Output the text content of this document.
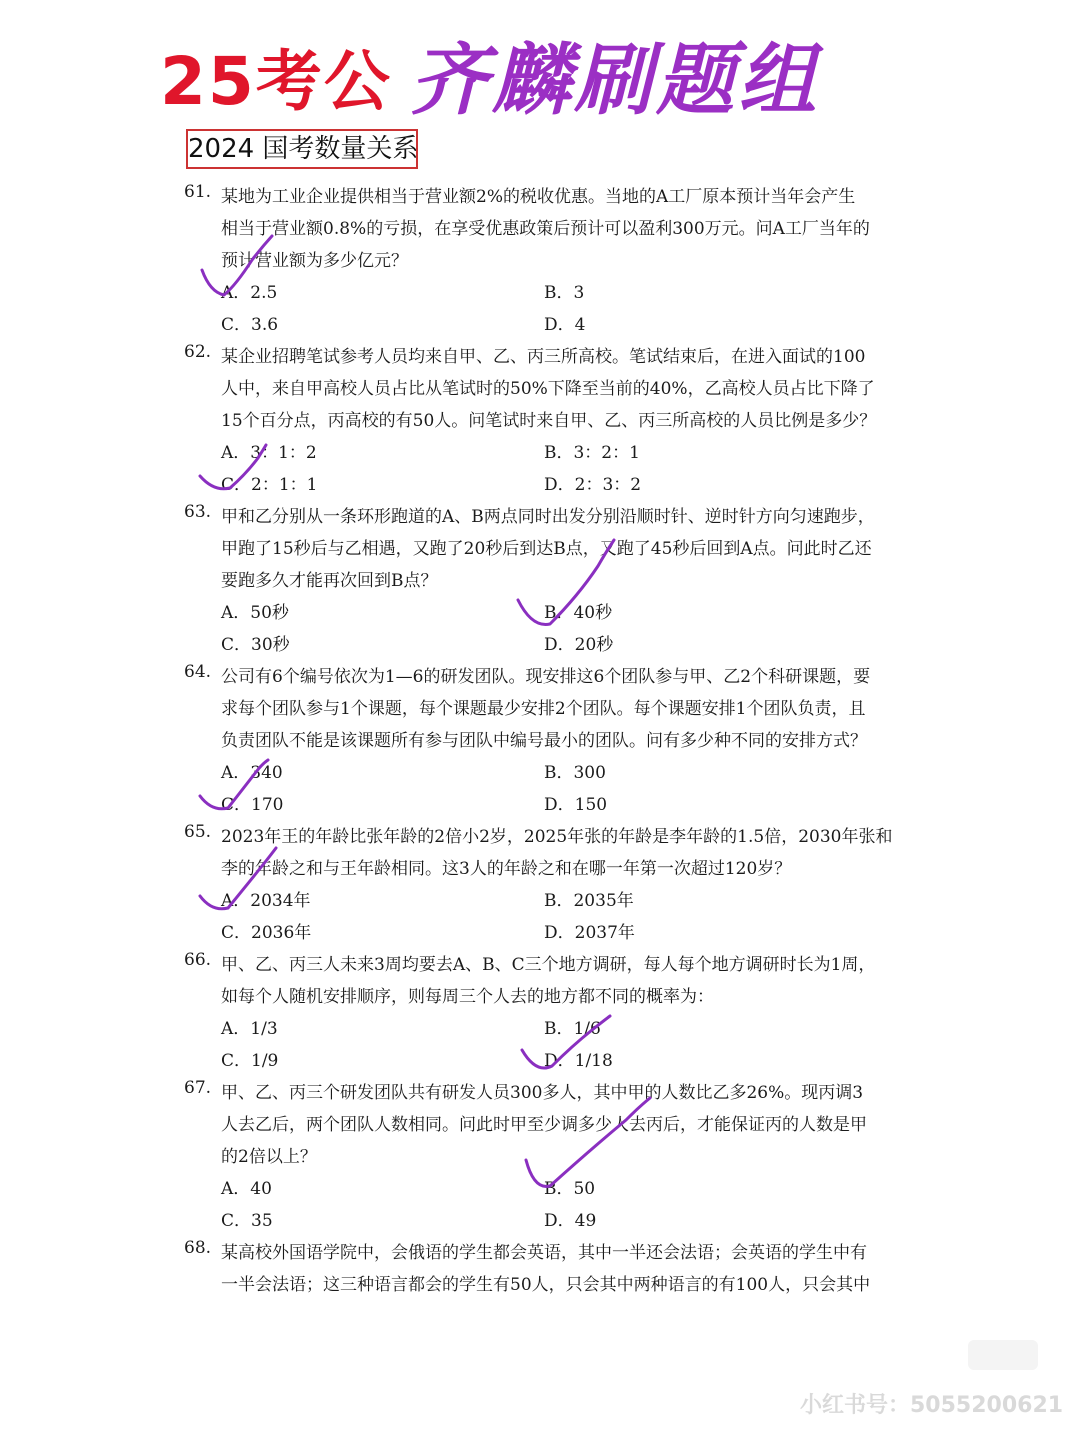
25考公 齐麟刷题组
2024 国考数量关系
61. 某地为工业企业提供相当于营业额2%的税收优惠。当地的A工厂原本预计当年会产生
相当于营业额0.8%的亏损，在享受优惠政策后预计可以盈利300万元。问A工厂当年的
预计营业额为多少亿元？
A．2.5	B．3
C．3.6	D．4
62. 某企业招聘笔试参考人员均来自甲、乙、丙三所高校。笔试结束后，在进入面试的100
人中，来自甲高校人员占比从笔试时的50%下降至当前的40%，乙高校人员占比下降了
15个百分点，丙高校的有50人。问笔试时来自甲、乙、丙三所高校的人员比例是多少？
A．3：1：2	B．3：2：1
C．2：1：1	D．2：3：2
63. 甲和乙分别从一条环形跑道的A、B两点同时出发分别沿顺时针、逆时针方向匀速跑步，
甲跑了15秒后与乙相遇，又跑了20秒后到达B点，又跑了45秒后回到A点。问此时乙还
要跑多久才能再次回到B点？
A．50秒	B．40秒
C．30秒	D．20秒
64. 公司有6个编号依次为1—6的研发团队。现安排这6个团队参与甲、乙2个科研课题，要
求每个团队参与1个课题，每个课题最少安排2个团队。每个课题安排1个团队负责，且
负责团队不能是该课题所有参与团队中编号最小的团队。问有多少种不同的安排方式？
A．340	B．300
C．170	D．150
65. 2023年王的年龄比张年龄的2倍小2岁，2025年张的年龄是李年龄的1.5倍，2030年张和
李的年龄之和与王年龄相同。这3人的年龄之和在哪一年第一次超过120岁？
A．2034年	B．2035年
C．2036年	D．2037年
66. 甲、乙、丙三人未来3周均要去A、B、C三个地方调研，每人每个地方调研时长为1周，
如每个人随机安排顺序，则每周三个人去的地方都不同的概率为：
A．1/3	B．1/6
C．1/9	D．1/18
67. 甲、乙、丙三个研发团队共有研发人员300多人，其中甲的人数比乙多26%。现丙调3
人去乙后，两个团队人数相同。问此时甲至少调多少人去丙后，才能保证丙的人数是甲
的2倍以上？
A．40	B．50
C．35	D．49
68. 某高校外国语学院中，会俄语的学生都会英语，其中一半还会法语；会英语的学生中有
一半会法语；这三种语言都会的学生有50人，只会其中两种语言的有100人，只会其中
小红书号：5055200621
